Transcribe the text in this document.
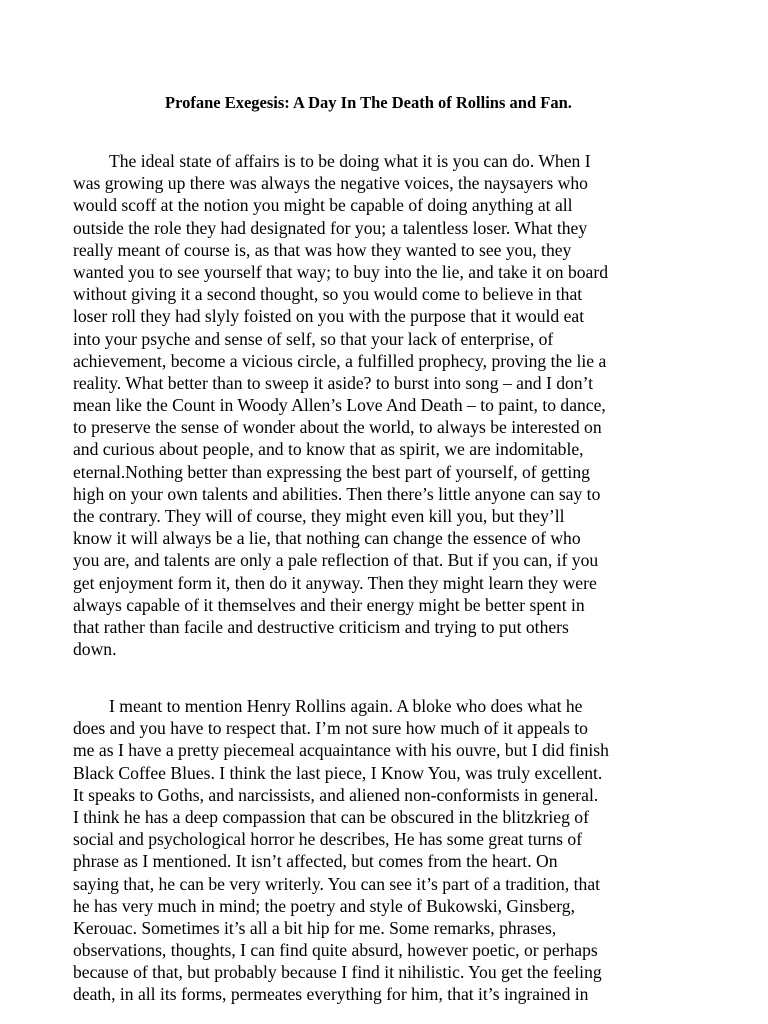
Profane Exegesis: A Day In The Death of Rollins and Fan.
The ideal state of affairs is to be doing what it is you can do. When I
was growing up there was always the negative voices, the naysayers who
would scoff at the notion you might be capable of doing anything at all
outside the role they had designated for you; a talentless loser. What they
really meant of course is, as that was how they wanted to see you, they
wanted you to see yourself that way; to buy into the lie, and take it on board
without giving it a second thought, so you would come to believe in that
loser roll they had slyly foisted on you with the purpose that it would eat
into your psyche and sense of self, so that your lack of enterprise, of
achievement, become a vicious circle, a fulfilled prophecy, proving the lie a
reality. What better than to sweep it aside? to burst into song – and I don’t
mean like the Count in Woody Allen’s Love And Death – to paint, to dance,
to preserve the sense of wonder about the world, to always be interested on
and curious about people, and to know that as spirit, we are indomitable,
eternal.Nothing better than expressing the best part of yourself, of getting
high on your own talents and abilities. Then there’s little anyone can say to
the contrary. They will of course, they might even kill you, but they’ll
know it will always be a lie, that nothing can change the essence of who
you are, and talents are only a pale reflection of that. But if you can, if you
get enjoyment form it, then do it anyway. Then they might learn they were
always capable of it themselves and their energy might be better spent in
that rather than facile and destructive criticism and trying to put others
down.
I meant to mention Henry Rollins again. A bloke who does what he
does and you have to respect that. I’m not sure how much of it appeals to
me as I have a pretty piecemeal acquaintance with his ouvre, but I did finish
Black Coffee Blues. I think the last piece, I Know You, was truly excellent.
It speaks to Goths, and narcissists, and aliened non-conformists in general.
I think he has a deep compassion that can be obscured in the blitzkrieg of
social and psychological horror he describes, He has some great turns of
phrase as I mentioned. It isn’t affected, but comes from the heart. On
saying that, he can be very writerly. You can see it’s part of a tradition, that
he has very much in mind; the poetry and style of Bukowski, Ginsberg,
Kerouac. Sometimes it’s all a bit hip for me. Some remarks, phrases,
observations, thoughts, I can find quite absurd, however poetic, or perhaps
because of that, but probably because I find it nihilistic. You get the feeling
death, in all its forms, permeates everything for him, that it’s ingrained in
